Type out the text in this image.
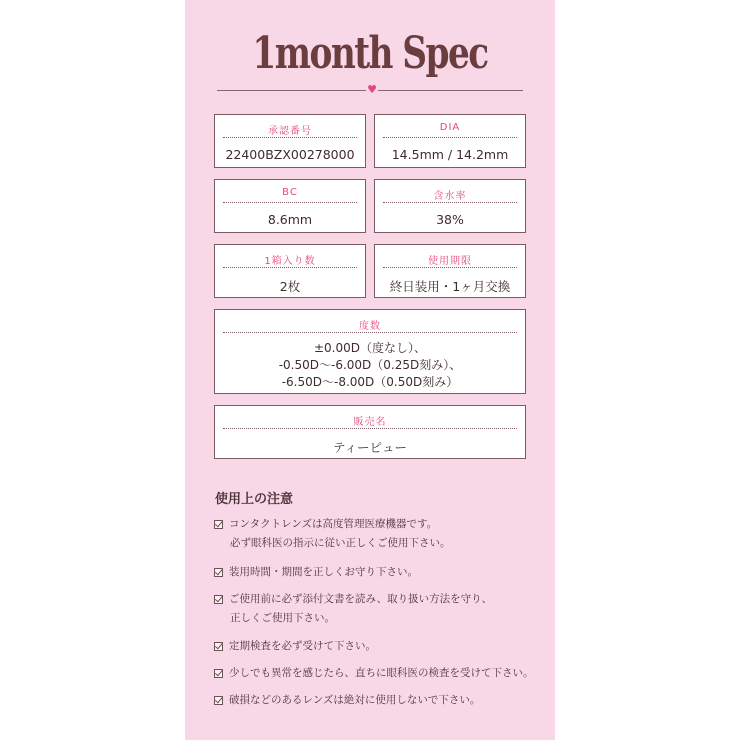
1month Spec
♥
承認番号
22400BZX00278000
DIA
14.5mm / 14.2mm
BC
8.6mm
含水率
38%
1箱入り数
2枚
使用期限
終日装用・1ヶ月交換
度数
±0.00D（度なし）、
-0.50D～-6.00D（0.25D刻み）、
-6.50D～-8.00D（0.50D刻み）
販売名
ティーピュー
使用上の注意
コンタクトレンズは高度管理医療機器です。
必ず眼科医の指示に従い正しくご使用下さい。
装用時間・期間を正しくお守り下さい。
ご使用前に必ず添付文書を読み、取り扱い方法を守り、
正しくご使用下さい。
定期検査を必ず受けて下さい。
少しでも異常を感じたら、直ちに眼科医の検査を受けて下さい。
破損などのあるレンズは絶対に使用しないで下さい。
